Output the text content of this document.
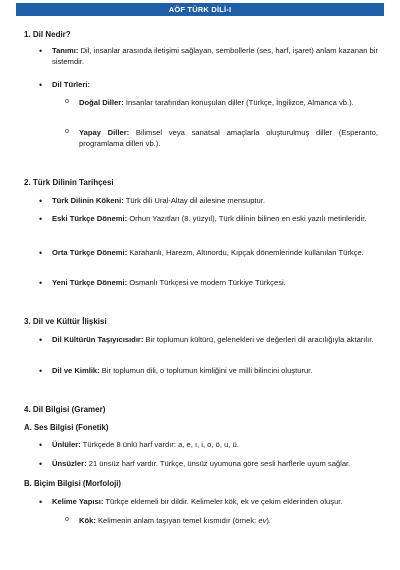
AÖF TÜRK DİLİ-I
1. Dil Nedir?
• Tanımı: Dil, insanlar arasında iletişimi sağlayan, sembollerle (ses, harf, işaret) anlam kazanan bir sistemdir.
• Dil Türleri:
o Doğal Diller: İnsanlar tarafından konuşulan diller (Türkçe, İngilizce, Almanca vb.).
o Yapay Diller: Bilimsel veya sanatsal amaçlarla oluşturulmuş diller (Esperanto, programlama dilleri vb.).
2. Türk Dilinin Tarihçesi
• Türk Dilinin Kökeni: Türk dili Ural-Altay dil ailesine mensuptur.
• Eski Türkçe Dönemi: Orhun Yazıtları (8. yüzyıl), Türk dilinin bilinen en eski yazılı metinleridir.
• Orta Türkçe Dönemi: Karahanlı, Harezm, Altınordu, Kıpçak dönemlerinde kullanılan Türkçe.
• Yeni Türkçe Dönemi: Osmanlı Türkçesi ve modern Türkiye Türkçesi.
3. Dil ve Kültür İlişkisi
• Dil Kültürün Taşıyıcısıdır: Bir toplumun kültürü, gelenekleri ve değerleri dil aracılığıyla aktarılır.
• Dil ve Kimlik: Bir toplumun dili, o toplumun kimliğini ve milli bilincini oluşturur.
4. Dil Bilgisi (Gramer)
A. Ses Bilgisi (Fonetik)
• Ünlüler: Türkçede 8 ünlü harf vardır: a, e, ı, i, o, ö, u, ü.
• Ünsüzler: 21 ünsüz harf vardır. Türkçe, ünsüz uyumuna göre sesli harflerle uyum sağlar.
B. Biçim Bilgisi (Morfoloji)
• Kelime Yapısı: Türkçe eklemeli bir dildir. Kelimeler kök, ek ve çekim eklerinden oluşur.
o Kök: Kelimenin anlam taşıyan temel kısmıdır (örnek: ev).
